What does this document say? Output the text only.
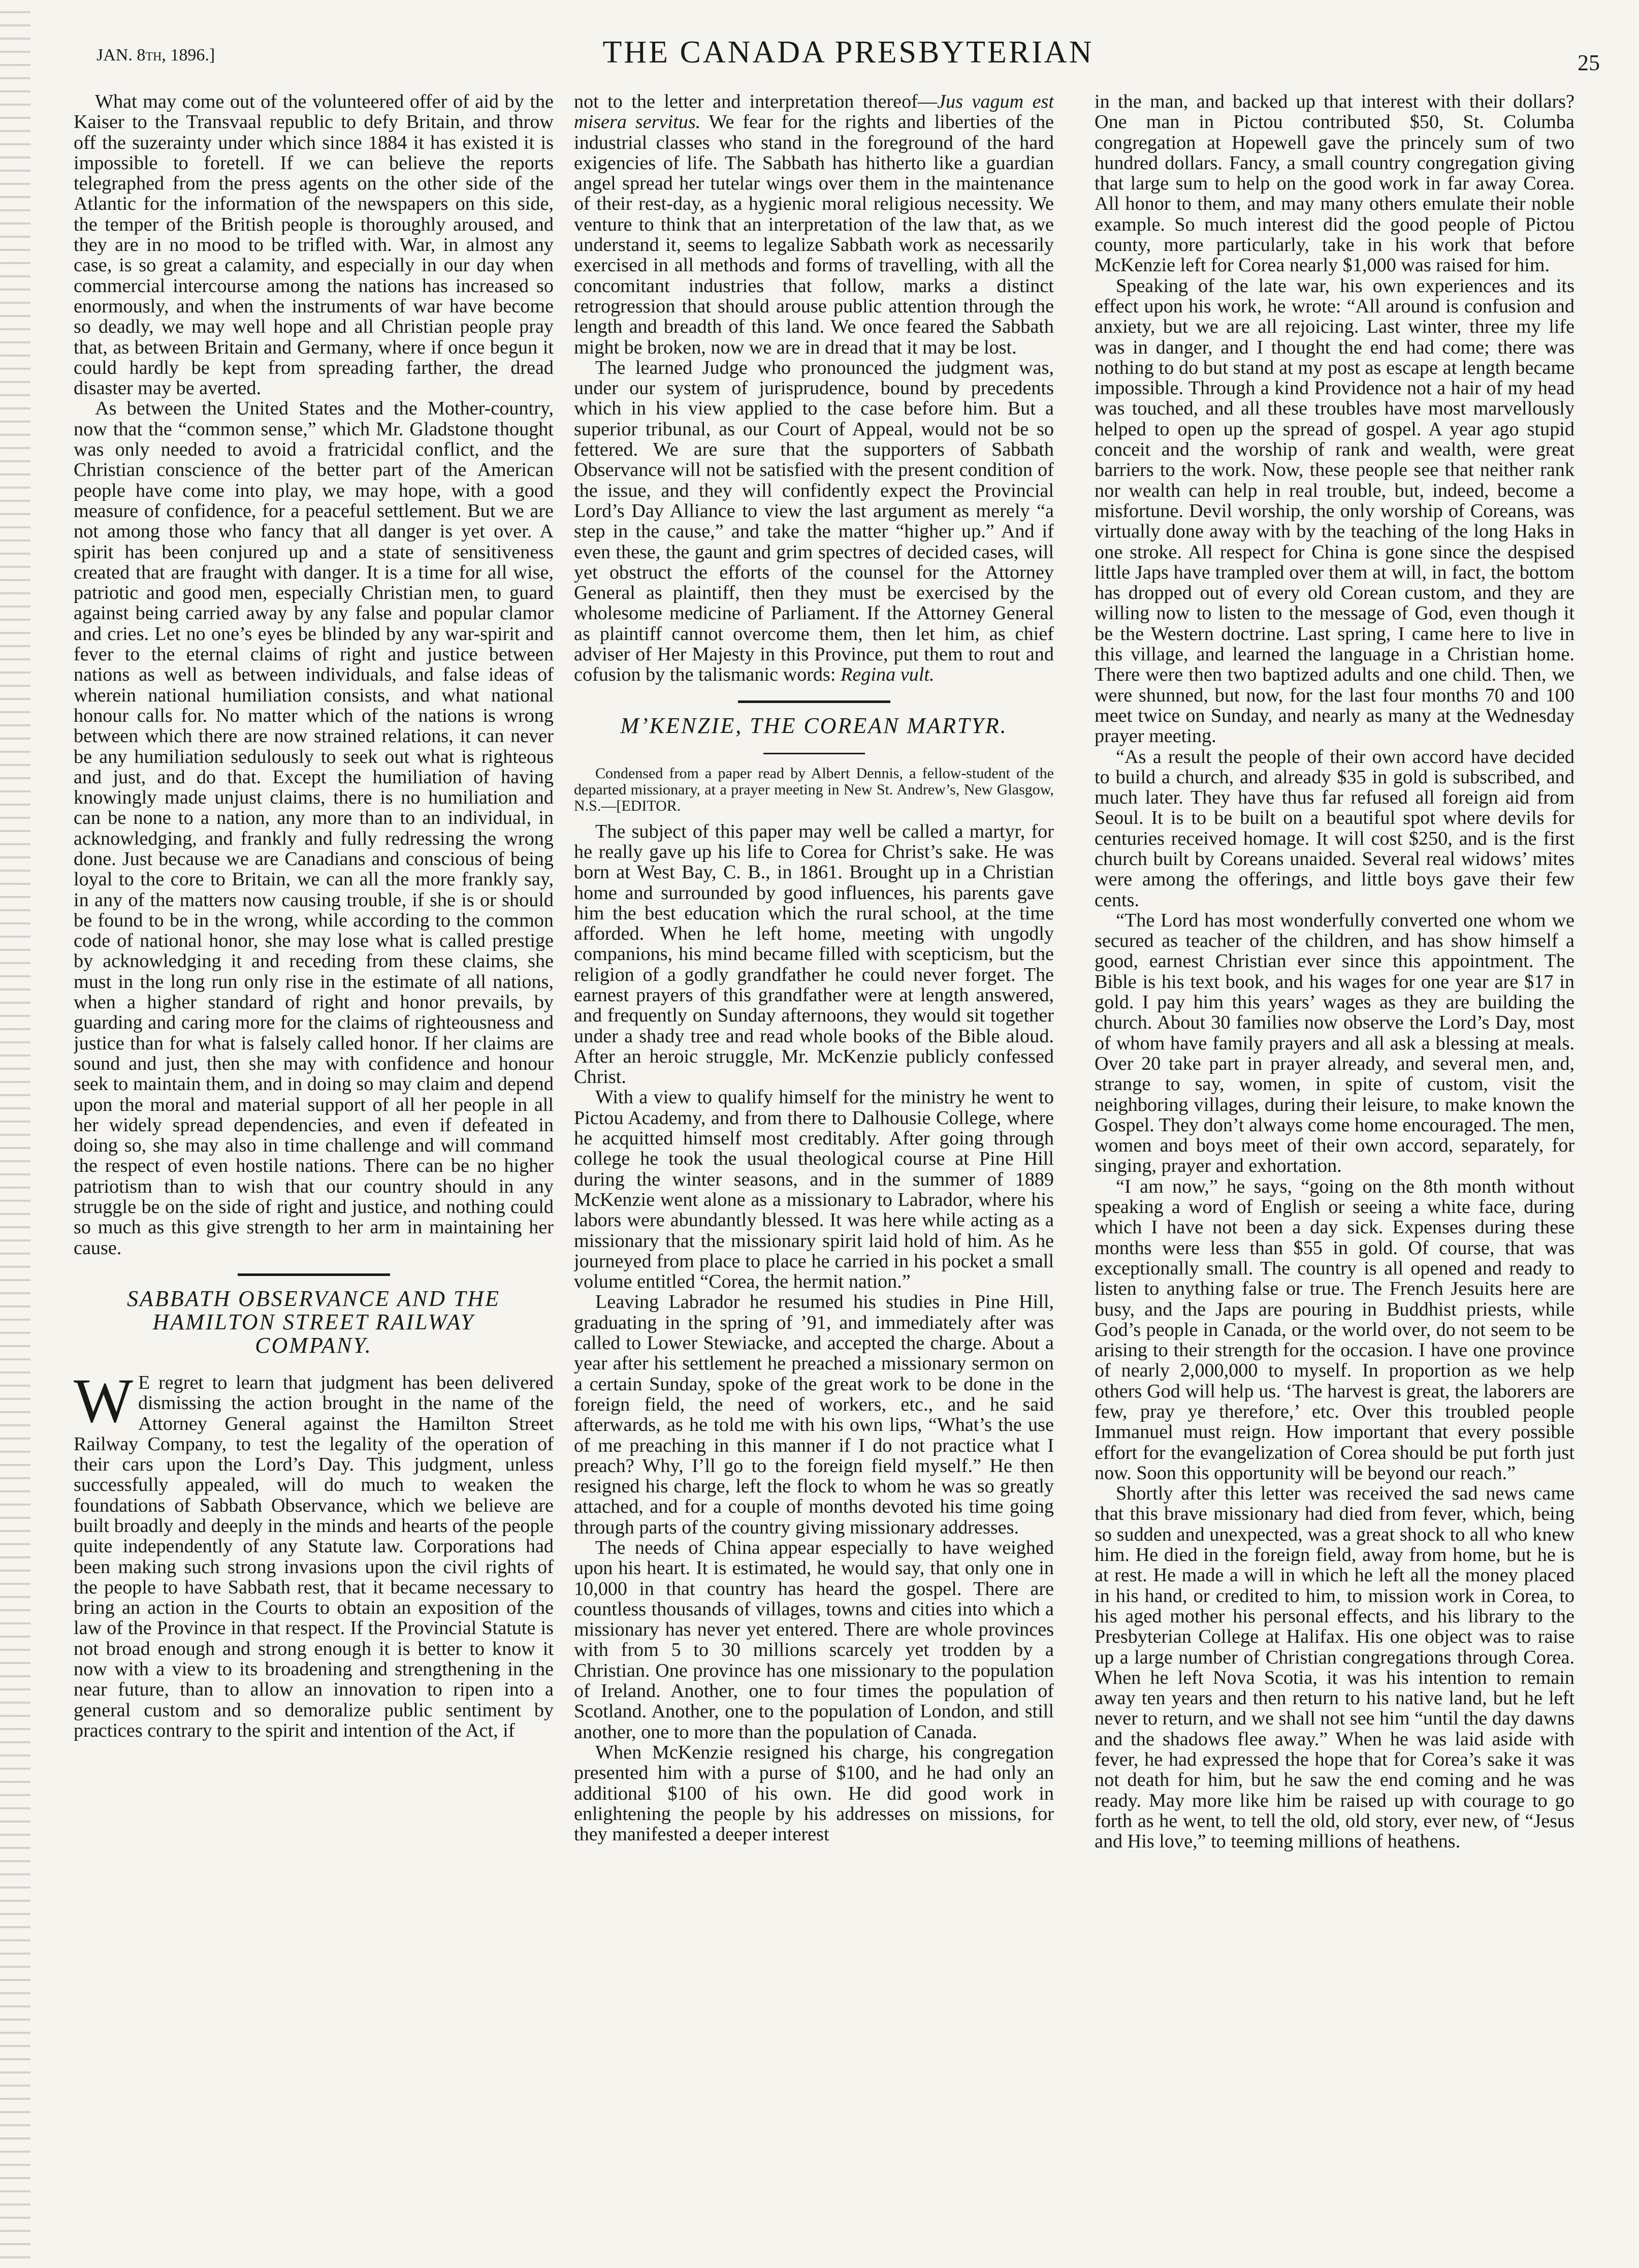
JAN. 8th, 1896.]	THE CANADA PRESBYTERIAN	25

What may come out of the volunteered offer of aid by the Kaiser to the Transvaal republic to defy Britain, and throw off the suzerainty under which since 1884 it has existed it is impossible to foretell. If we can believe the reports telegraphed from the press agents on the other side of the Atlantic for the information of the newspapers on this side, the temper of the British people is thoroughly aroused, and they are in no mood to be trifled with. War, in almost any case, is so great a calamity, and especially in our day when commercial intercourse among the nations has increased so enormously, and when the instruments of war have become so deadly, we may well hope and all Christian people pray that, as between Britain and Germany, where if once begun it could hardly be kept from spreading farther, the dread disaster may be averted.

As between the United States and the Mother-country, now that the “common sense,” which Mr. Gladstone thought was only needed to avoid a fratricidal conflict, and the Christian conscience of the better part of the American people have come into play, we may hope, with a good measure of confidence, for a peaceful settlement. But we are not among those who fancy that all danger is yet over. A spirit has been conjured up and a state of sensitiveness created that are fraught with danger. It is a time for all wise, patriotic and good men, especially Christian men, to guard against being carried away by any false and popular clamor and cries. Let no one’s eyes be blinded by any war-spirit and fever to the eternal claims of right and justice between nations as well as between individuals, and false ideas of wherein national humiliation consists, and what national honour calls for. No matter which of the nations is wrong between which there are now strained relations, it can never be any humiliation sedulously to seek out what is righteous and just, and do that. Except the humiliation of having knowingly made unjust claims, there is no humiliation and can be none to a nation, any more than to an individual, in acknowledging, and frankly and fully redressing the wrong done. Just because we are Canadians and conscious of being loyal to the core to Britain, we can all the more frankly say, in any of the matters now causing trouble, if she is or should be found to be in the wrong, while according to the common code of national honor, she may lose what is called prestige by acknowledging it and receding from these claims, she must in the long run only rise in the estimate of all nations, when a higher standard of right and honor prevails, by guarding and caring more for the claims of righteousness and justice than for what is falsely called honor. If her claims are sound and just, then she may with confidence and honour seek to maintain them, and in doing so may claim and depend upon the moral and material support of all her people in all her widely spread dependencies, and even if defeated in doing so, she may also in time challenge and will command the respect of even hostile nations. There can be no higher patriotism than to wish that our country should in any struggle be on the side of right and justice, and nothing could so much as this give strength to her arm in maintaining her cause.

SABBATH OBSERVANCE AND THE
HAMILTON STREET RAILWAY
COMPANY.

W E regret to learn that judgment has been delivered dismissing the action brought in the name of the Attorney General against the Hamilton Street Railway Company, to test the legality of the operation of their cars upon the Lord’s Day. This judgment, unless successfully appealed, will do much to weaken the foundations of Sabbath Observance, which we believe are built broadly and deeply in the minds and hearts of the people quite independently of any Statute law. Corporations had been making such strong invasions upon the civil rights of the people to have Sabbath rest, that it became necessary to bring an action in the Courts to obtain an exposition of the law of the Province in that respect. If the Provincial Statute is not broad enough and strong enough it is better to know it now with a view to its broadening and strengthening in the near future, than to allow an innovation to ripen into a general custom and so demoralize public sentiment by practices contrary to the spirit and intention of the Act, if

not to the letter and interpretation thereof—Jus vagum est misera servitus. We fear for the rights and liberties of the industrial classes who stand in the foreground of the hard exigencies of life. The Sabbath has hitherto like a guardian angel spread her tutelar wings over them in the maintenance of their rest-day, as a hygienic moral religious necessity. We venture to think that an interpretation of the law that, as we understand it, seems to legalize Sabbath work as necessarily exercised in all methods and forms of travelling, with all the concomitant industries that follow, marks a distinct retrogression that should arouse public attention through the length and breadth of this land. We once feared the Sabbath might be broken, now we are in dread that it may be lost.

The learned Judge who pronounced the judgment was, under our system of jurisprudence, bound by precedents which in his view applied to the case before him. But a superior tribunal, as our Court of Appeal, would not be so fettered. We are sure that the supporters of Sabbath Observance will not be satisfied with the present condition of the issue, and they will confidently expect the Provincial Lord’s Day Alliance to view the last argument as merely “a step in the cause,” and take the matter “higher up.” And if even these, the gaunt and grim spectres of decided cases, will yet obstruct the efforts of the counsel for the Attorney General as plaintiff, then they must be exercised by the wholesome medicine of Parliament. If the Attorney General as plaintiff cannot overcome them, then let him, as chief adviser of Her Majesty in this Province, put them to rout and cofusion by the talismanic words: Regina vult.

M’KENZIE, THE COREAN MARTYR.

Condensed from a paper read by Albert Dennis, a fellow-student of the departed missionary, at a prayer meeting in New St. Andrew’s, New Glasgow, N.S.—[EDITOR.

The subject of this paper may well be called a martyr, for he really gave up his life to Corea for Christ’s sake. He was born at West Bay, C. B., in 1861. Brought up in a Christian home and surrounded by good influences, his parents gave him the best education which the rural school, at the time afforded. When he left home, meeting with ungodly companions, his mind became filled with scepticism, but the religion of a godly grandfather he could never forget. The earnest prayers of this grandfather were at length answered, and frequently on Sunday afternoons, they would sit together under a shady tree and read whole books of the Bible aloud. After an heroic struggle, Mr. McKenzie publicly confessed Christ.

With a view to qualify himself for the ministry he went to Pictou Academy, and from there to Dalhousie College, where he acquitted himself most creditably. After going through college he took the usual theological course at Pine Hill during the winter seasons, and in the summer of 1889 McKenzie went alone as a missionary to Labrador, where his labors were abundantly blessed. It was here while acting as a missionary that the missionary spirit laid hold of him. As he journeyed from place to place he carried in his pocket a small volume entitled “Corea, the hermit nation.”

Leaving Labrador he resumed his studies in Pine Hill, graduating in the spring of ’91, and immediately after was called to Lower Stewiacke, and accepted the charge. About a year after his settlement he preached a missionary sermon on a certain Sunday, spoke of the great work to be done in the foreign field, the need of workers, etc., and he said afterwards, as he told me with his own lips, “What’s the use of me preaching in this manner if I do not practice what I preach? Why, I’ll go to the foreign field myself.” He then resigned his charge, left the flock to whom he was so greatly attached, and for a couple of months devoted his time going through parts of the country giving missionary addresses.

The needs of China appear especially to have weighed upon his heart. It is estimated, he would say, that only one in 10,000 in that country has heard the gospel. There are countless thousands of villages, towns and cities into which a missionary has never yet entered. There are whole provinces with from 5 to 30 millions scarcely yet trodden by a Christian. One province has one missionary to the population of Ireland. Another, one to four times the population of Scotland. Another, one to the population of London, and still another, one to more than the population of Canada.

When McKenzie resigned his charge, his congregation presented him with a purse of $100, and he had only an additional $100 of his own. He did good work in enlightening the people by his addresses on missions, for they manifested a deeper interest

in the man, and backed up that interest with their dollars? One man in Pictou contributed $50, St. Columba congregation at Hopewell gave the princely sum of two hundred dollars. Fancy, a small country congregation giving that large sum to help on the good work in far away Corea. All honor to them, and may many others emulate their noble example. So much interest did the good people of Pictou county, more particularly, take in his work that before McKenzie left for Corea nearly $1,000 was raised for him.

Speaking of the late war, his own experiences and its effect upon his work, he wrote: “All around is confusion and anxiety, but we are all rejoicing. Last winter, three my life was in danger, and I thought the end had come; there was nothing to do but stand at my post as escape at length became impossible. Through a kind Providence not a hair of my head was touched, and all these troubles have most marvellously helped to open up the spread of gospel. A year ago stupid conceit and the worship of rank and wealth, were great barriers to the work. Now, these people see that neither rank nor wealth can help in real trouble, but, indeed, become a misfortune. Devil worship, the only worship of Coreans, was virtually done away with by the teaching of the long Haks in one stroke. All respect for China is gone since the despised little Japs have trampled over them at will, in fact, the bottom has dropped out of every old Corean custom, and they are willing now to listen to the message of God, even though it be the Western doctrine. Last spring, I came here to live in this village, and learned the language in a Christian home. There were then two baptized adults and one child. Then, we were shunned, but now, for the last four months 70 and 100 meet twice on Sunday, and nearly as many at the Wednesday prayer meeting.

“As a result the people of their own accord have decided to build a church, and already $35 in gold is subscribed, and much later. They have thus far refused all foreign aid from Seoul. It is to be built on a beautiful spot where devils for centuries received homage. It will cost $250, and is the first church built by Coreans unaided. Several real widows’ mites were among the offerings, and little boys gave their few cents.

“The Lord has most wonderfully converted one whom we secured as teacher of the children, and has show himself a good, earnest Christian ever since this appointment. The Bible is his text book, and his wages for one year are $17 in gold. I pay him this years’ wages as they are building the church. About 30 families now observe the Lord’s Day, most of whom have family prayers and all ask a blessing at meals. Over 20 take part in prayer already, and several men, and, strange to say, women, in spite of custom, visit the neighboring villages, during their leisure, to make known the Gospel. They don’t always come home encouraged. The men, women and boys meet of their own accord, separately, for singing, prayer and exhortation.

“I am now,” he says, “going on the 8th month without speaking a word of English or seeing a white face, during which I have not been a day sick. Expenses during these months were less than $55 in gold. Of course, that was exceptionally small. The country is all opened and ready to listen to anything false or true. The French Jesuits here are busy, and the Japs are pouring in Buddhist priests, while God’s people in Canada, or the world over, do not seem to be arising to their strength for the occasion. I have one province of nearly 2,000,000 to myself. In proportion as we help others God will help us. ‘The harvest is great, the laborers are few, pray ye therefore,’ etc. Over this troubled people Immanuel must reign. How important that every possible effort for the evangelization of Corea should be put forth just now. Soon this opportunity will be beyond our reach.”

Shortly after this letter was received the sad news came that this brave missionary had died from fever, which, being so sudden and unexpected, was a great shock to all who knew him. He died in the foreign field, away from home, but he is at rest. He made a will in which he left all the money placed in his hand, or credited to him, to mission work in Corea, to his aged mother his personal effects, and his library to the Presbyterian College at Halifax. His one object was to raise up a large number of Christian congregations through Corea. When he left Nova Scotia, it was his intention to remain away ten years and then return to his native land, but he left never to return, and we shall not see him “until the day dawns and the shadows flee away.” When he was laid aside with fever, he had expressed the hope that for Corea’s sake it was not death for him, but he saw the end coming and he was ready. May more like him be raised up with courage to go forth as he went, to tell the old, old story, ever new, of “Jesus and His love,” to teeming millions of heathens.
